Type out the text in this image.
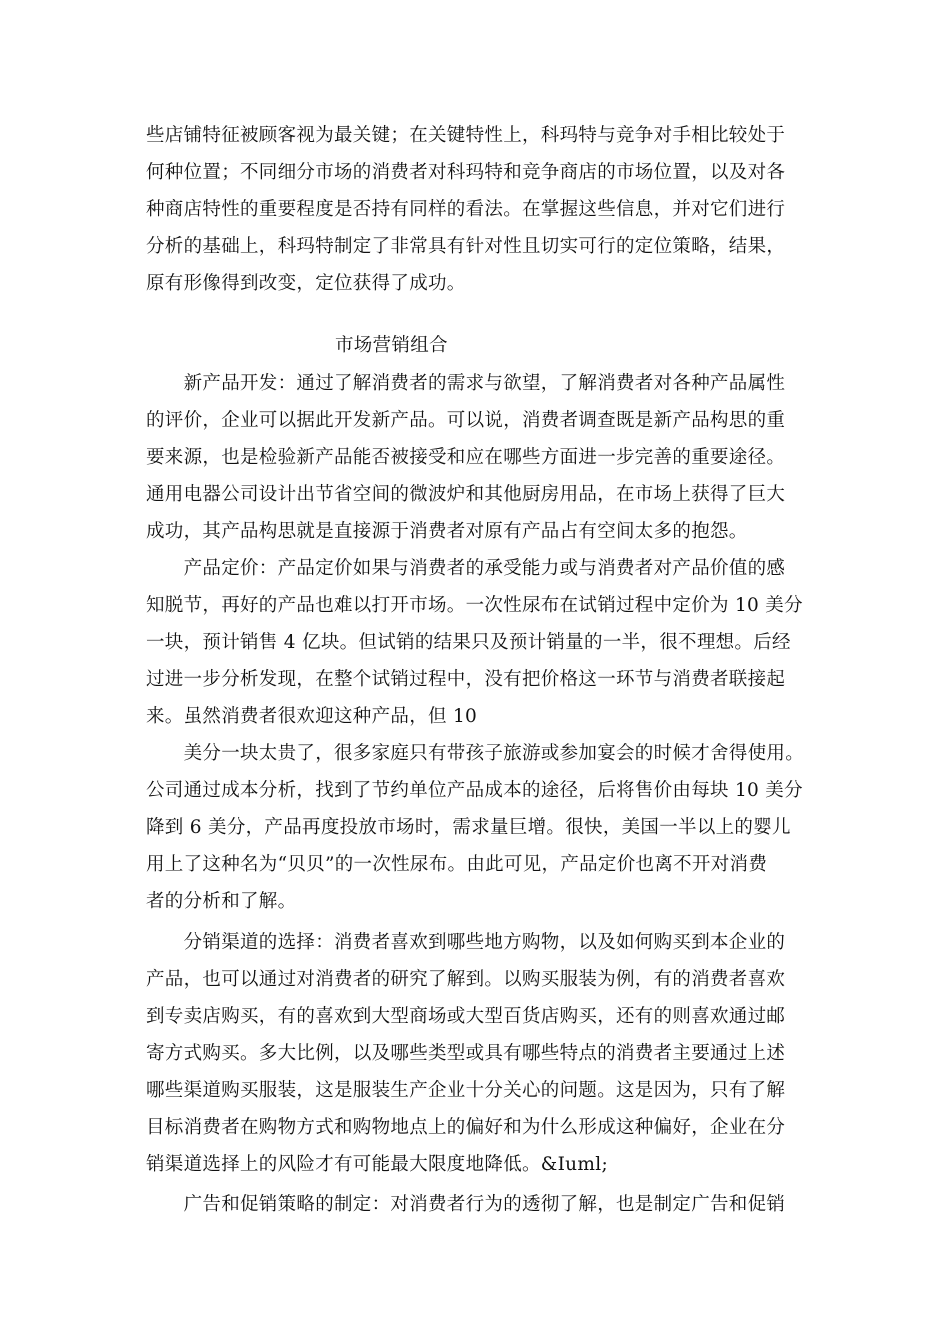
些店铺特征被顾客视为最关键；在关键特性上，科玛特与竞争对手相比较处于
何种位置；不同细分市场的消费者对科玛特和竞争商店的市场位置，以及对各
种商店特性的重要程度是否持有同样的看法。在掌握这些信息，并对它们进行
分析的基础上，科玛特制定了非常具有针对性且切实可行的定位策略，结果，
原有形像得到改变，定位获得了成功。
市场营销组合
　　新产品开发：通过了解消费者的需求与欲望，了解消费者对各种产品属性
的评价，企业可以据此开发新产品。可以说，消费者调查既是新产品构思的重
要来源，也是检验新产品能否被接受和应在哪些方面进一步完善的重要途径。
通用电器公司设计出节省空间的微波炉和其他厨房用品，在市场上获得了巨大
成功，其产品构思就是直接源于消费者对原有产品占有空间太多的抱怨。
　　产品定价：产品定价如果与消费者的承受能力或与消费者对产品价值的感
知脱节，再好的产品也难以打开市场。一次性尿布在试销过程中定价为 10 美分
一块，预计销售 4 亿块。但试销的结果只及预计销量的一半，很不理想。后经
过进一步分析发现，在整个试销过程中，没有把价格这一环节与消费者联接起
来。虽然消费者很欢迎这种产品，但 10
　　美分一块太贵了，很多家庭只有带孩子旅游或参加宴会的时候才舍得使用。
公司通过成本分析，找到了节约单位产品成本的途径，后将售价由每块 10 美分
降到 6 美分，产品再度投放市场时，需求量巨增。很快，美国一半以上的婴儿
用上了这种名为“贝贝”的一次性尿布。由此可见，产品定价也离不开对消费
者的分析和了解。
　　分销渠道的选择：消费者喜欢到哪些地方购物，以及如何购买到本企业的
产品，也可以通过对消费者的研究了解到。以购买服装为例，有的消费者喜欢
到专卖店购买，有的喜欢到大型商场或大型百货店购买，还有的则喜欢通过邮
寄方式购买。多大比例，以及哪些类型或具有哪些特点的消费者主要通过上述
哪些渠道购买服装，这是服装生产企业十分关心的问题。这是因为，只有了解
目标消费者在购物方式和购物地点上的偏好和为什么形成这种偏好，企业在分
销渠道选择上的风险才有可能最大限度地降低。&Iuml;
　　广告和促销策略的制定：对消费者行为的透彻了解，也是制定广告和促销
